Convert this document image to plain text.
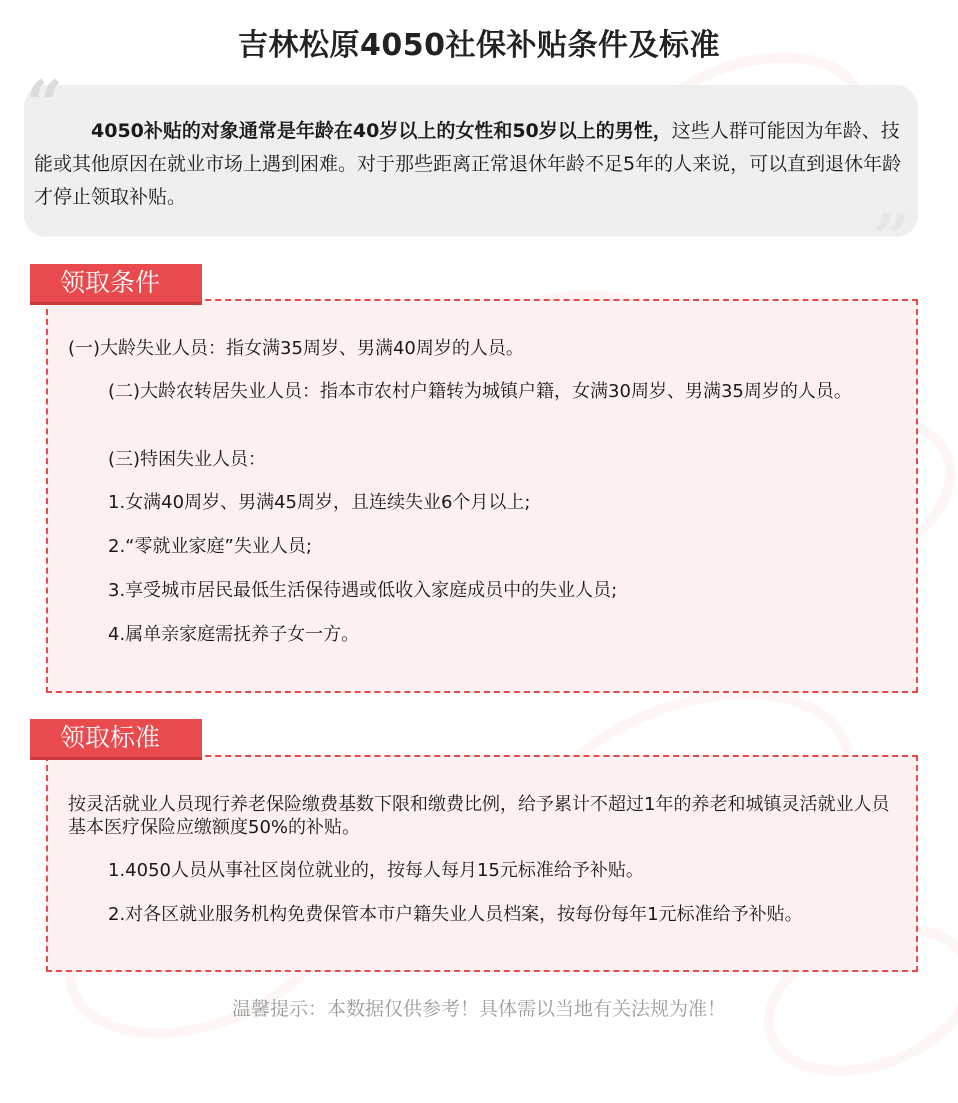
吉林松原4050社保补贴条件及标准
“
”

4050补贴的对象通常是年龄在40岁以上的女性和50岁以上的男性，这些人群可能因为年龄、技能或其他原因在就业市场上遇到困难。对于那些距离正常退休年龄不足5年的人来说，可以直到退休年龄才停止领取补贴。

领取条件

(一)大龄失业人员：指女满35周岁、男满40周岁的人员。

(二)大龄农转居失业人员：指本市农村户籍转为城镇户籍，女满30周岁、男满35周岁的人员。

(三)特困失业人员：

1.女满40周岁、男满45周岁，且连续失业6个月以上;

2.“零就业家庭”失业人员;

3.享受城市居民最低生活保待遇或低收入家庭成员中的失业人员;

4.属单亲家庭需抚养子女一方。

领取标准

按灵活就业人员现行养老保险缴费基数下限和缴费比例，给予累计不超过1年的养老和城镇灵活就业人员基本医疗保险应缴额度50%的补贴。

1.4050人员从事社区岗位就业的，按每人每月15元标准给予补贴。

2.对各区就业服务机构免费保管本市户籍失业人员档案，按每份每年1元标准给予补贴。

温馨提示：本数据仅供参考！具体需以当地有关法规为准！
